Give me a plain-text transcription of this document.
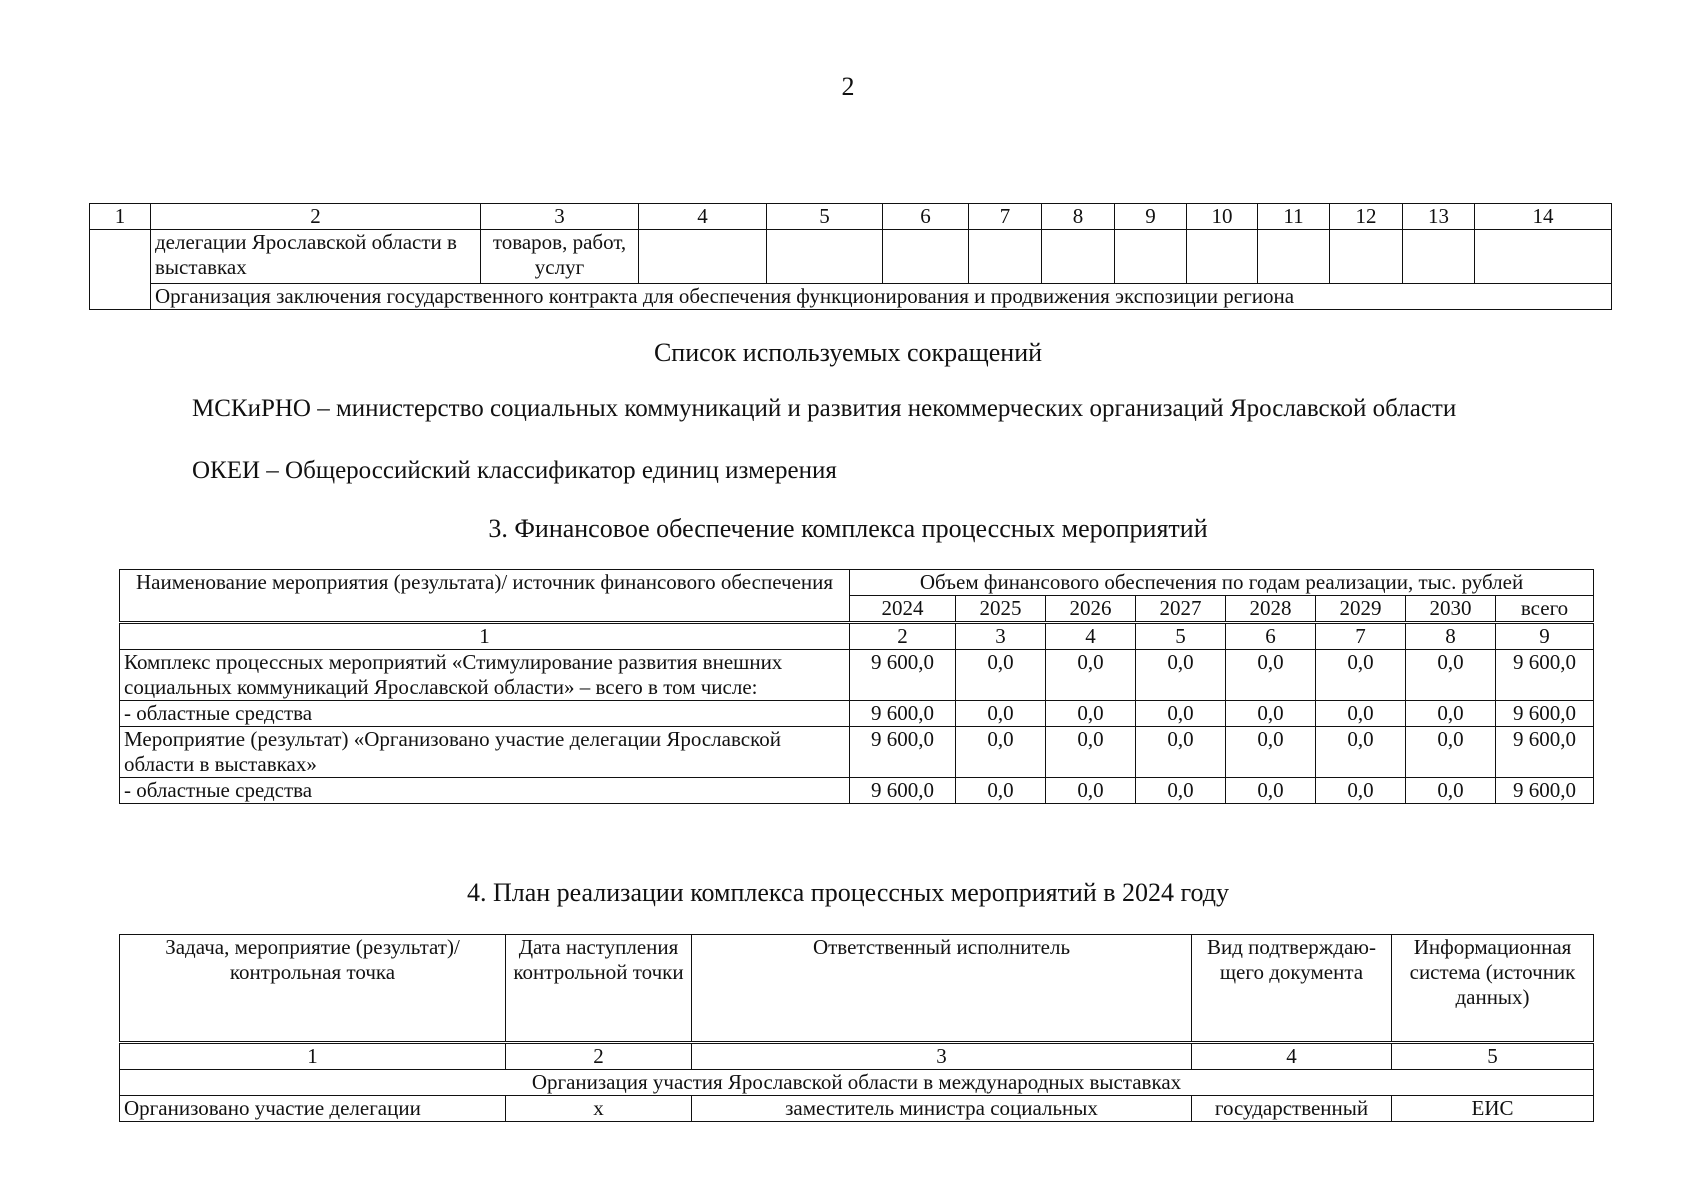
2
1	2	3	4	5	6	7	8	9	10	11	12	13	14
	делегации Ярославской области в выставках	товаров, работ, услуг											
	Организация заключения государственного контракта для обеспечения функционирования и продвижения экспозиции региона												
Список используемых сокращений
МСКиРНО – министерство социальных коммуникаций и развития некоммерческих организаций Ярославской области
ОКЕИ – Общероссийский классификатор единиц измерения
3. Финансовое обеспечение комплекса процессных мероприятий
Наименование мероприятия (результата)/ источник финансового обеспечения	Объем финансового обеспечения по годам реализации, тыс. рублей							
	2024	2025	2026	2027	2028	2029	2030	всего
1	2	3	4	5	6	7	8	9
Комплекс процессных мероприятий «Стимулирование развития внешних социальных коммуникаций Ярославской области» – всего в том числе:	9 600,0	0,0	0,0	0,0	0,0	0,0	0,0	9 600,0
- областные средства	9 600,0	0,0	0,0	0,0	0,0	0,0	0,0	9 600,0
Мероприятие (результат) «Организовано участие делегации Ярославской области в выставках»	9 600,0	0,0	0,0	0,0	0,0	0,0	0,0	9 600,0
- областные средства	9 600,0	0,0	0,0	0,0	0,0	0,0	0,0	9 600,0
4. План реализации комплекса процессных мероприятий в 2024 году
Задача, мероприятие (результат)/ контрольная точка	Дата наступления контрольной точки	Ответственный исполнитель	Вид подтверждаю-щего документа	Информационная система (источник данных)
1	2	3	4	5
Организация участия Ярославской области в международных выставках				
Организовано участие делегации	х	заместитель министра социальных	государственный	ЕИС
